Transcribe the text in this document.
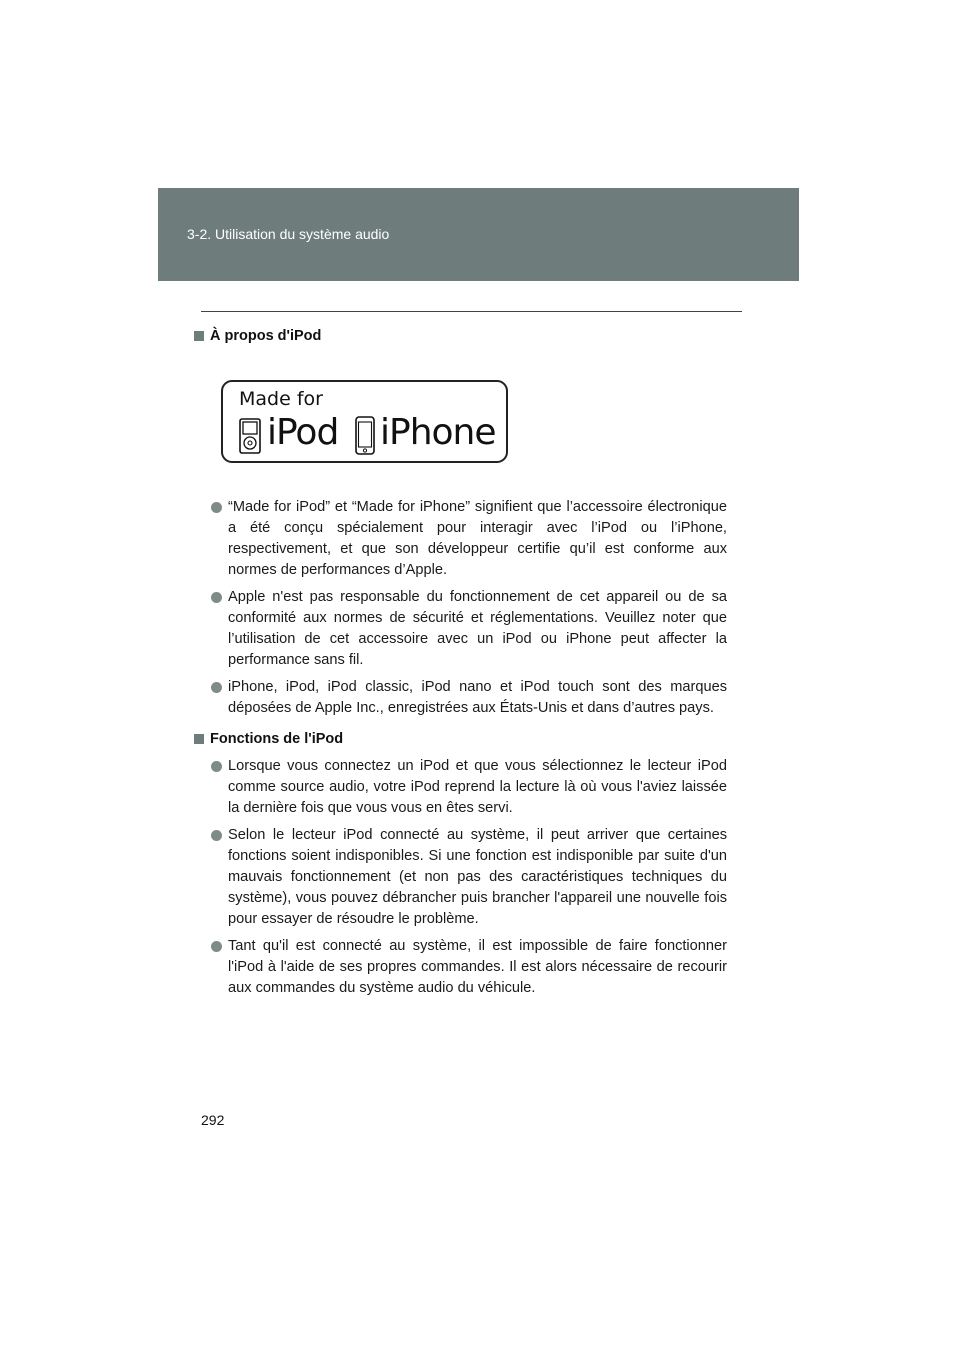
3-2. Utilisation du système audio
À propos d'iPod
Made for
iPod iPhone
“Made for iPod” et “Made for iPhone” signifient que l’accessoire électronique a été conçu spécialement pour interagir avec l’iPod ou l’iPhone, respectivement, et que son développeur certifie qu’il est conforme aux normes de performances d’Apple.
Apple n'est pas responsable du fonctionnement de cet appareil ou de sa conformité aux normes de sécurité et réglementations. Veuillez noter que l’utilisation de cet accessoire avec un iPod ou iPhone peut affecter la performance sans fil.
iPhone, iPod, iPod classic, iPod nano et iPod touch sont des marques déposées de Apple Inc., enregistrées aux États-Unis et dans d’autres pays.
Fonctions de l'iPod
Lorsque vous connectez un iPod et que vous sélectionnez le lecteur iPod comme source audio, votre iPod reprend la lecture là où vous l'aviez laissée la dernière fois que vous vous en êtes servi.
Selon le lecteur iPod connecté au système, il peut arriver que certaines fonctions soient indisponibles. Si une fonction est indisponible par suite d'un mauvais fonctionnement (et non pas des caractéristiques techniques du système), vous pouvez débrancher puis brancher l'appareil une nouvelle fois pour essayer de résoudre le problème.
Tant qu'il est connecté au système, il est impossible de faire fonctionner l'iPod à l'aide de ses propres commandes. Il est alors nécessaire de recourir aux commandes du système audio du véhicule.
292
